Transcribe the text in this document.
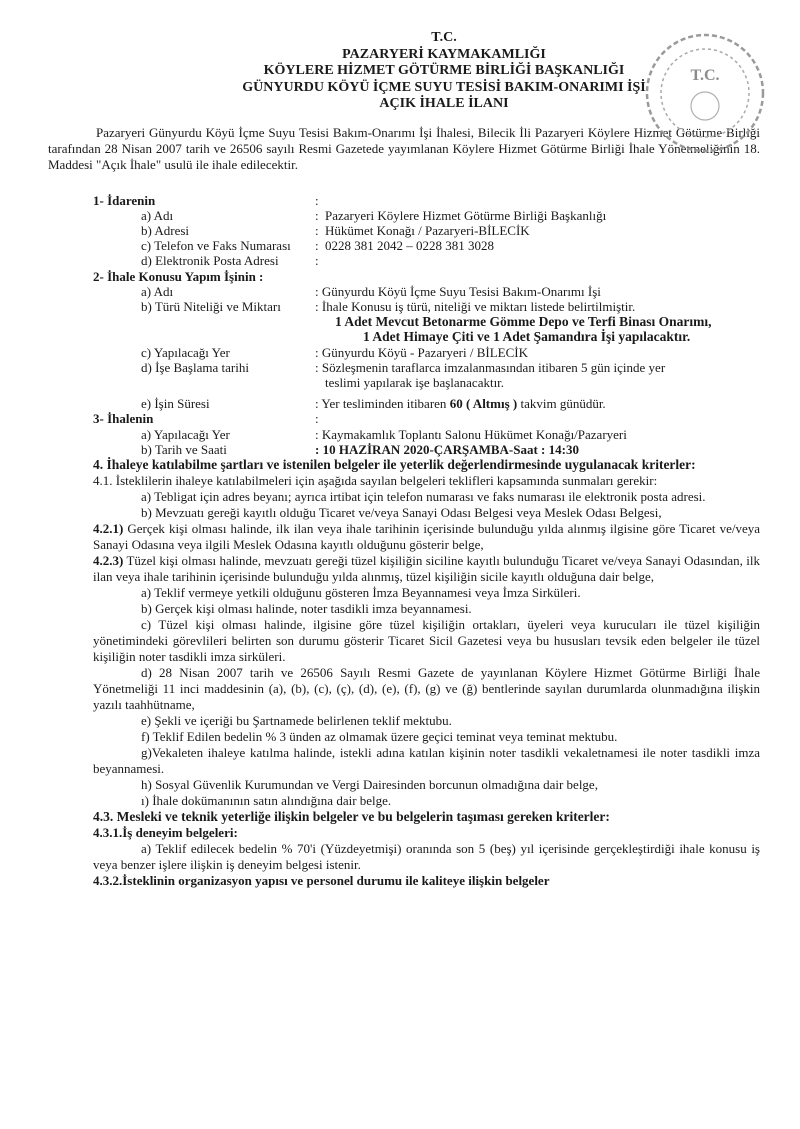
T.C.
T.C.
PAZARYERİ KAYMAKAMLIĞI
KÖYLERE HİZMET GÖTÜRME BİRLİĞİ BAŞKANLIĞI
GÜNYURDU KÖYÜ İÇME SUYU TESİSİ BAKIM-ONARIMI İŞİ
AÇIK İHALE İLANI

Pazaryeri Günyurdu Köyü İçme Suyu Tesisi Bakım-Onarımı İşi İhalesi, Bilecik İli Pazaryeri Köylere Hizmet Götürme Birliği tarafından 28 Nisan 2007 tarih ve 26506 sayılı Resmi Gazetede yayımlanan Köylere Hizmet Götürme Birliği İhale Yönetmeliğinin 18. Maddesi "Açık İhale" usulü ile ihale edilecektir.

1- İdarenin	:
a) Adı	: Pazaryeri Köylere Hizmet Götürme Birliği Başkanlığı
b) Adresi	: Hükümet Konağı / Pazaryeri-BİLECİK
c) Telefon ve Faks Numarası	: 0228 381 2042 – 0228 381 3028
d) Elektronik Posta Adresi	:
2- İhale Konusu Yapım İşinin :
a) Adı	: Günyurdu Köyü İçme Suyu Tesisi Bakım-Onarımı İşi
b) Türü Niteliği ve Miktarı	: İhale Konusu iş türü, niteliği ve miktarı listede belirtilmiştir.
1 Adet Mevcut Betonarme Gömme Depo ve Terfi Binası Onarımı,
1 Adet Himaye Çiti ve 1 Adet Şamandıra İşi yapılacaktır.
c) Yapılacağı Yer	: Günyurdu Köyü - Pazaryeri / BİLECİK
d) İşe Başlama tarihi	: Sözleşmenin taraflarca imzalanmasından itibaren 5 gün içinde yer
teslimi yapılarak işe başlanacaktır.
e) İşin Süresi	: Yer tesliminden itibaren 60 ( Altmış ) takvim günüdür.
3- İhalenin	:
a) Yapılacağı Yer	: Kaymakamlık Toplantı Salonu Hükümet Konağı/Pazaryeri
b) Tarih ve Saati	: 10 HAZİRAN 2020-ÇARŞAMBA-Saat : 14:30

4. İhaleye katılabilme şartları ve istenilen belgeler ile yeterlik değerlendirmesinde uygulanacak kriterler:

4.1. İsteklilerin ihaleye katılabilmeleri için aşağıda sayılan belgeleri teklifleri kapsamında sunmaları gerekir:

a) Tebligat için adres beyanı; ayrıca irtibat için telefon numarası ve faks numarası ile elektronik posta adresi.

b) Mevzuatı gereği kayıtlı olduğu Ticaret ve/veya Sanayi Odası Belgesi veya Meslek Odası Belgesi,

4.2.1) Gerçek kişi olması halinde, ilk ilan veya ihale tarihinin içerisinde bulunduğu yılda alınmış ilgisine göre Ticaret ve/veya Sanayi Odasına veya ilgili Meslek Odasına kayıtlı olduğunu gösterir belge,

4.2.3) Tüzel kişi olması halinde, mevzuatı gereği tüzel kişiliğin siciline kayıtlı bulunduğu Ticaret ve/veya Sanayi Odasından, ilk ilan veya ihale tarihinin içerisinde bulunduğu yılda alınmış, tüzel kişiliğin sicile kayıtlı olduğuna dair belge,

a) Teklif vermeye yetkili olduğunu gösteren İmza Beyannamesi veya İmza Sirküleri.

b) Gerçek kişi olması halinde, noter tasdikli imza beyannamesi.

c) Tüzel kişi olması halinde, ilgisine göre tüzel kişiliğin ortakları, üyeleri veya kurucuları ile tüzel kişiliğin yönetimindeki görevlileri belirten son durumu gösterir Ticaret Sicil Gazetesi veya bu hususları tevsik eden belgeler ile tüzel kişiliğin noter tasdikli imza sirküleri.

d) 28 Nisan 2007 tarih ve 26506 Sayılı Resmi Gazete de yayınlanan Köylere Hizmet Götürme Birliği İhale Yönetmeliği 11 inci maddesinin (a), (b), (c), (ç), (d), (e), (f), (g) ve (ğ) bentlerinde sayılan durumlarda olunmadığına ilişkin yazılı taahhütname,

e) Şekli ve içeriği bu Şartnamede belirlenen teklif mektubu.

f) Teklif Edilen bedelin % 3 ünden az olmamak üzere geçici teminat veya teminat mektubu.

g)Vekaleten ihaleye katılma halinde, istekli adına katılan kişinin noter tasdikli vekaletnamesi ile noter tasdikli imza beyannamesi.

h) Sosyal Güvenlik Kurumundan ve Vergi Dairesinden borcunun olmadığına dair belge,

ı) İhale dokümanının satın alındığına dair belge.

4.3. Mesleki ve teknik yeterliğe ilişkin belgeler ve bu belgelerin taşıması gereken kriterler:

4.3.1.İş deneyim belgeleri:

a) Teklif edilecek bedelin % 70'i (Yüzdeyetmişi) oranında son 5 (beş) yıl içerisinde gerçekleştirdiği ihale konusu iş veya benzer işlere ilişkin iş deneyim belgesi istenir.

4.3.2.İsteklinin organizasyon yapısı ve personel durumu ile kaliteye ilişkin belgeler
